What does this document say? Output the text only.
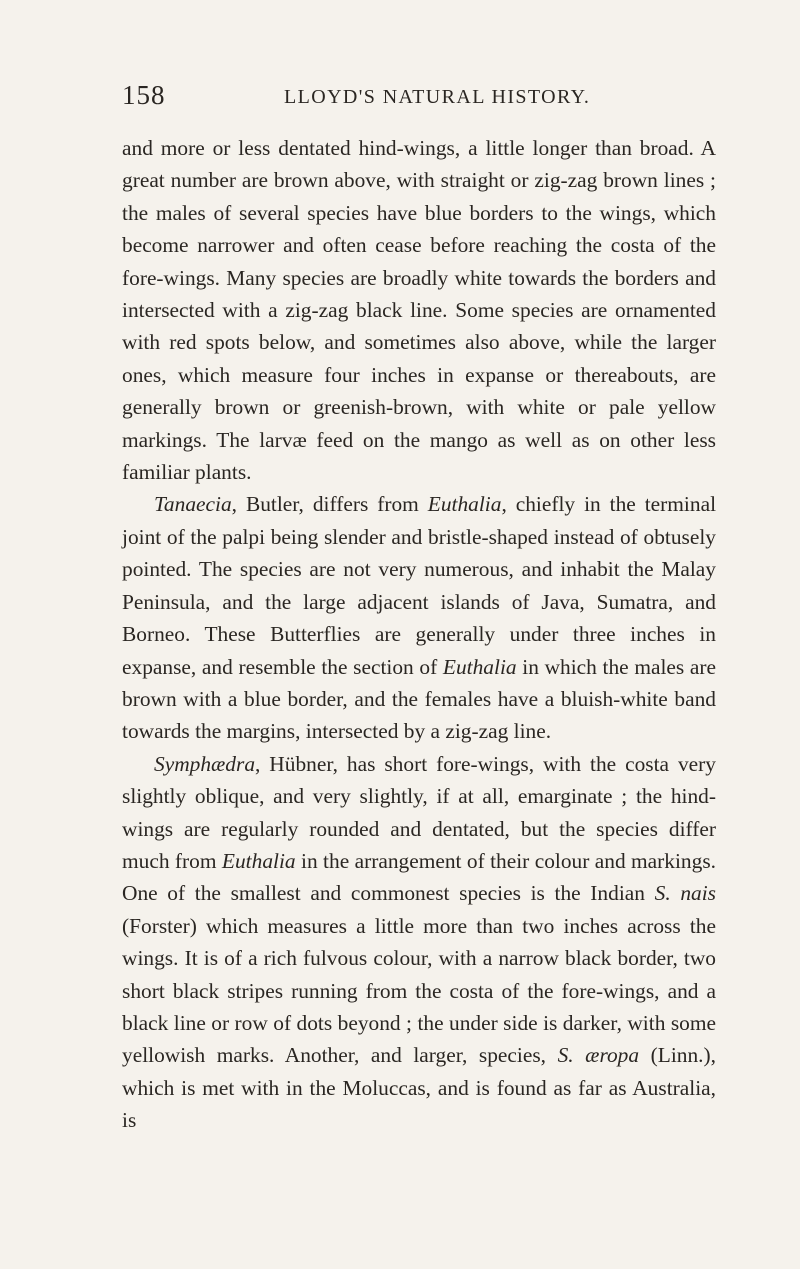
158	LLOYD'S NATURAL HISTORY.

and more or less dentated hind-wings, a little longer than broad. A great number are brown above, with straight or zig-zag brown lines ; the males of several species have blue borders to the wings, which become narrower and often cease before reaching the costa of the fore-wings. Many species are broadly white towards the borders and intersected with a zig-zag black line. Some species are ornamented with red spots below, and sometimes also above, while the larger ones, which measure four inches in expanse or thereabouts, are generally brown or greenish-brown, with white or pale yellow markings. The larvæ feed on the mango as well as on other less familiar plants.

Tanaecia, Butler, differs from Euthalia, chiefly in the terminal joint of the palpi being slender and bristle-shaped instead of obtusely pointed. The species are not very numerous, and inhabit the Malay Peninsula, and the large adjacent islands of Java, Sumatra, and Borneo. These Butterflies are generally under three inches in expanse, and resemble the section of Euthalia in which the males are brown with a blue border, and the females have a bluish-white band towards the margins, intersected by a zig-zag line.

Symphædra, Hübner, has short fore-wings, with the costa very slightly oblique, and very slightly, if at all, emarginate ; the hind-wings are regularly rounded and dentated, but the species differ much from Euthalia in the arrangement of their colour and markings. One of the smallest and commonest species is the Indian S. nais (Forster) which measures a little more than two inches across the wings. It is of a rich fulvous colour, with a narrow black border, two short black stripes running from the costa of the fore-wings, and a black line or row of dots beyond ; the under side is darker, with some yellowish marks. Another, and larger, species, S. æropa (Linn.), which is met with in the Moluccas, and is found as far as Australia, is
